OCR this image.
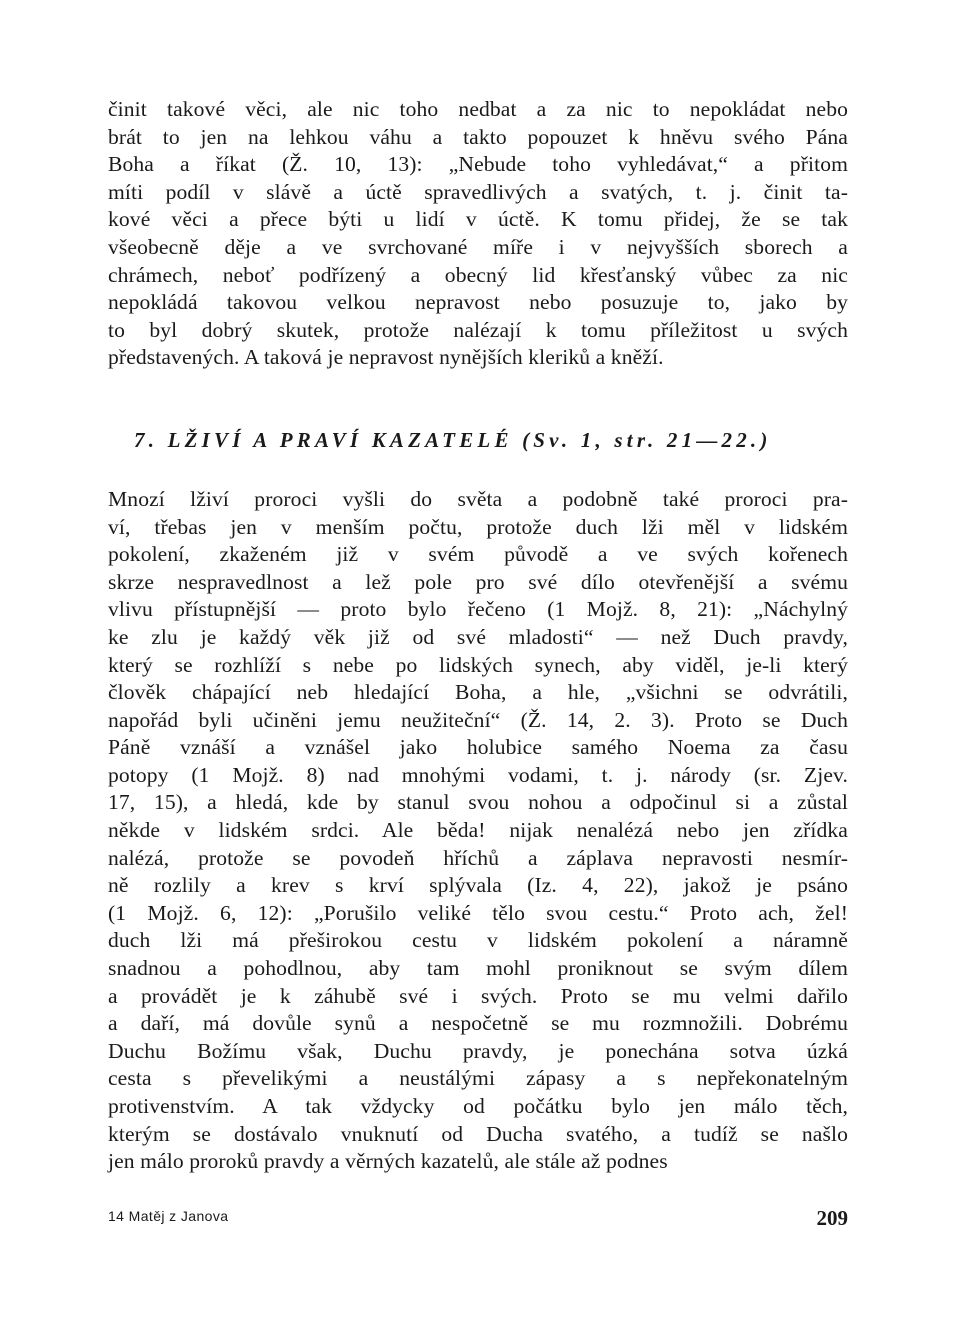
činit takové věci, ale nic toho nedbat a za nic to nepokládat nebo
brát to jen na lehkou váhu a takto popouzet k hněvu svého Pána
Boha a říkat (Ž. 10, 13): „Nebude toho vyhledávat,“ a přitom
míti podíl v slávě a úctě spravedlivých a svatých, t. j. činit ta-
kové věci a přece býti u lidí v úctě. K tomu přidej, že se tak
všeobecně děje a ve svrchované míře i v nejvyšších sborech a
chrámech, neboť podřízený a obecný lid křesťanský vůbec za nic
nepokládá takovou velkou nepravost nebo posuzuje to, jako by
to byl dobrý skutek, protože nalézají k tomu příležitost u svých
představených. A taková je nepravost nynějších kleriků a kněží.

7. LŽIVÍ A PRAVÍ KAZATELÉ (Sv. 1, str. 21—22.)

Mnozí lživí proroci vyšli do světa a podobně také proroci pra-
ví, třebas jen v menším počtu, protože duch lži měl v lidském
pokolení, zkaženém již v svém původě a ve svých kořenech
skrze nespravedlnost a lež pole pro své dílo otevřenější a svému
vlivu přístupnější — proto bylo řečeno (1 Mojž. 8, 21): „Náchylný
ke zlu je každý věk již od své mladosti“ — než Duch pravdy,
který se rozhlíží s nebe po lidských synech, aby viděl, je-li který
člověk chápající neb hledající Boha, a hle, „všichni se odvrátili,
napořád byli učiněni jemu neužiteční“ (Ž. 14, 2. 3). Proto se Duch
Páně vznáší a vznášel jako holubice samého Noema za času
potopy (1 Mojž. 8) nad mnohými vodami, t. j. národy (sr. Zjev.
17, 15), a hledá, kde by stanul svou nohou a odpočinul si a zůstal
někde v lidském srdci. Ale běda! nijak nenalézá nebo jen zřídka
nalézá, protože se povodeň hříchů a záplava nepravosti nesmír-
ně rozlily a krev s krví splývala (Iz. 4, 22), jakož je psáno
(1 Mojž. 6, 12): „Porušilo veliké tělo svou cestu.“ Proto ach, žel!
duch lži má přeširokou cestu v lidském pokolení a náramně
snadnou a pohodlnou, aby tam mohl proniknout se svým dílem
a provádět je k záhubě své i svých. Proto se mu velmi dařilo
a daří, má dovůle synů a nespočetně se mu rozmnožili. Dobrému
Duchu Božímu však, Duchu pravdy, je ponechána sotva úzká
cesta s převelikými a neustálými zápasy a s nepřekonatelným
protivenstvím. A tak vždycky od počátku bylo jen málo těch,
kterým se dostávalo vnuknutí od Ducha svatého, a tudíž se našlo
jen málo proroků pravdy a věrných kazatelů, ale stále až podnes

14 Matěj z Janova	209
